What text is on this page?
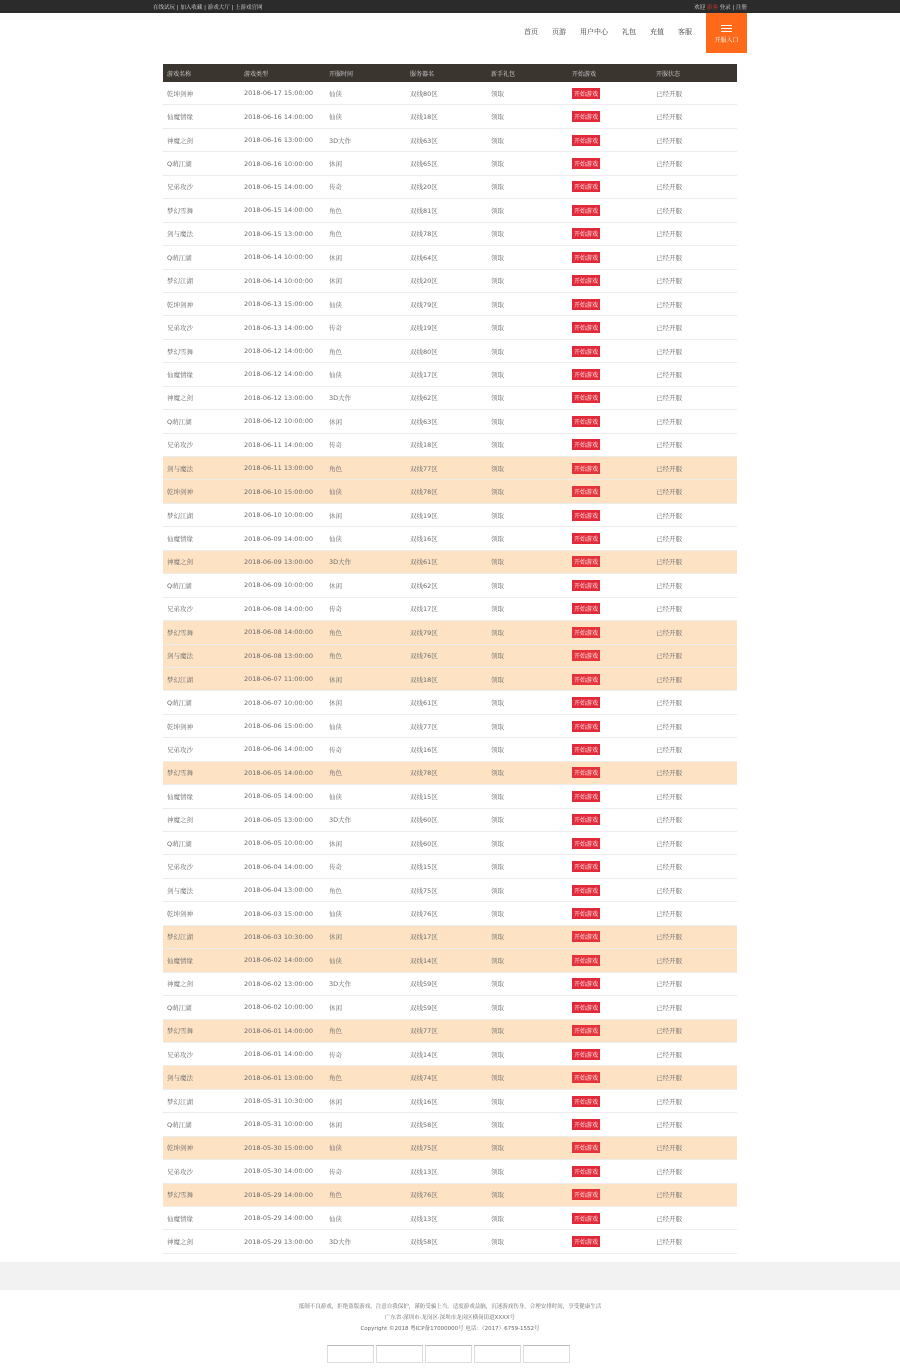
在线试玩 | 加入收藏 | 游戏大厅 | 上游戏官网	欢迎 游客 登录 | 注册
首页 页游 用户中心 礼包 充值 客服
开服入口
游戏名称	游戏类型	开服时间	服务器名	新手礼包	开始游戏	开服状态
乾坤剑神	2018-06-17 15:00:00	仙侠	双线80区	领取	开始游戏	已经开服
仙魔情缘	2018-06-16 14:00:00	仙侠	双线18区	领取	开始游戏	已经开服
神魔之剑	2018-06-16 13:00:00	3D大作	双线63区	领取	开始游戏	已经开服
Q萌江湖	2018-06-16 10:00:00	休闲	双线65区	领取	开始游戏	已经开服
兄弟攻沙	2018-06-15 14:00:00	传奇	双线20区	领取	开始游戏	已经开服
梦幻雪舞	2018-06-15 14:00:00	角色	双线81区	领取	开始游戏	已经开服
剑与魔法	2018-06-15 13:00:00	角色	双线78区	领取	开始游戏	已经开服
Q萌江湖	2018-06-14 10:00:00	休闲	双线64区	领取	开始游戏	已经开服
梦幻江湖	2018-06-14 10:00:00	休闲	双线20区	领取	开始游戏	已经开服
乾坤剑神	2018-06-13 15:00:00	仙侠	双线79区	领取	开始游戏	已经开服
兄弟攻沙	2018-06-13 14:00:00	传奇	双线19区	领取	开始游戏	已经开服
梦幻雪舞	2018-06-12 14:00:00	角色	双线80区	领取	开始游戏	已经开服
仙魔情缘	2018-06-12 14:00:00	仙侠	双线17区	领取	开始游戏	已经开服
神魔之剑	2018-06-12 13:00:00	3D大作	双线62区	领取	开始游戏	已经开服
Q萌江湖	2018-06-12 10:00:00	休闲	双线63区	领取	开始游戏	已经开服
兄弟攻沙	2018-06-11 14:00:00	传奇	双线18区	领取	开始游戏	已经开服
剑与魔法	2018-06-11 13:00:00	角色	双线77区	领取	开始游戏	已经开服
乾坤剑神	2018-06-10 15:00:00	仙侠	双线78区	领取	开始游戏	已经开服
梦幻江湖	2018-06-10 10:00:00	休闲	双线19区	领取	开始游戏	已经开服
仙魔情缘	2018-06-09 14:00:00	仙侠	双线16区	领取	开始游戏	已经开服
神魔之剑	2018-06-09 13:00:00	3D大作	双线61区	领取	开始游戏	已经开服
Q萌江湖	2018-06-09 10:00:00	休闲	双线62区	领取	开始游戏	已经开服
兄弟攻沙	2018-06-08 14:00:00	传奇	双线17区	领取	开始游戏	已经开服
梦幻雪舞	2018-06-08 14:00:00	角色	双线79区	领取	开始游戏	已经开服
剑与魔法	2018-06-08 13:00:00	角色	双线76区	领取	开始游戏	已经开服
梦幻江湖	2018-06-07 11:00:00	休闲	双线18区	领取	开始游戏	已经开服
Q萌江湖	2018-06-07 10:00:00	休闲	双线61区	领取	开始游戏	已经开服
乾坤剑神	2018-06-06 15:00:00	仙侠	双线77区	领取	开始游戏	已经开服
兄弟攻沙	2018-06-06 14:00:00	传奇	双线16区	领取	开始游戏	已经开服
梦幻雪舞	2018-06-05 14:00:00	角色	双线78区	领取	开始游戏	已经开服
仙魔情缘	2018-06-05 14:00:00	仙侠	双线15区	领取	开始游戏	已经开服
神魔之剑	2018-06-05 13:00:00	3D大作	双线60区	领取	开始游戏	已经开服
Q萌江湖	2018-06-05 10:00:00	休闲	双线60区	领取	开始游戏	已经开服
兄弟攻沙	2018-06-04 14:00:00	传奇	双线15区	领取	开始游戏	已经开服
剑与魔法	2018-06-04 13:00:00	角色	双线75区	领取	开始游戏	已经开服
乾坤剑神	2018-06-03 15:00:00	仙侠	双线76区	领取	开始游戏	已经开服
梦幻江湖	2018-06-03 10:30:00	休闲	双线17区	领取	开始游戏	已经开服
仙魔情缘	2018-06-02 14:00:00	仙侠	双线14区	领取	开始游戏	已经开服
神魔之剑	2018-06-02 13:00:00	3D大作	双线59区	领取	开始游戏	已经开服
Q萌江湖	2018-06-02 10:00:00	休闲	双线59区	领取	开始游戏	已经开服
梦幻雪舞	2018-06-01 14:00:00	角色	双线77区	领取	开始游戏	已经开服
兄弟攻沙	2018-06-01 14:00:00	传奇	双线14区	领取	开始游戏	已经开服
剑与魔法	2018-06-01 13:00:00	角色	双线74区	领取	开始游戏	已经开服
梦幻江湖	2018-05-31 10:30:00	休闲	双线16区	领取	开始游戏	已经开服
Q萌江湖	2018-05-31 10:00:00	休闲	双线58区	领取	开始游戏	已经开服
乾坤剑神	2018-05-30 15:00:00	仙侠	双线75区	领取	开始游戏	已经开服
兄弟攻沙	2018-05-30 14:00:00	传奇	双线13区	领取	开始游戏	已经开服
梦幻雪舞	2018-05-29 14:00:00	角色	双线76区	领取	开始游戏	已经开服
仙魔情缘	2018-05-29 14:00:00	仙侠	双线13区	领取	开始游戏	已经开服
神魔之剑	2018-05-29 13:00:00	3D大作	双线58区	领取	开始游戏	已经开服
抵制不良游戏，拒绝盗版游戏。注意自我保护，谨防受骗上当。适度游戏益脑，沉迷游戏伤身。合理安排时间，享受健康生活
广东省·深圳市·龙岗区·深圳市龙岗区横岗街道XXXX号
Copyright ©2018 粤ICP备17000000号 电话：（2017）6759-1552号
